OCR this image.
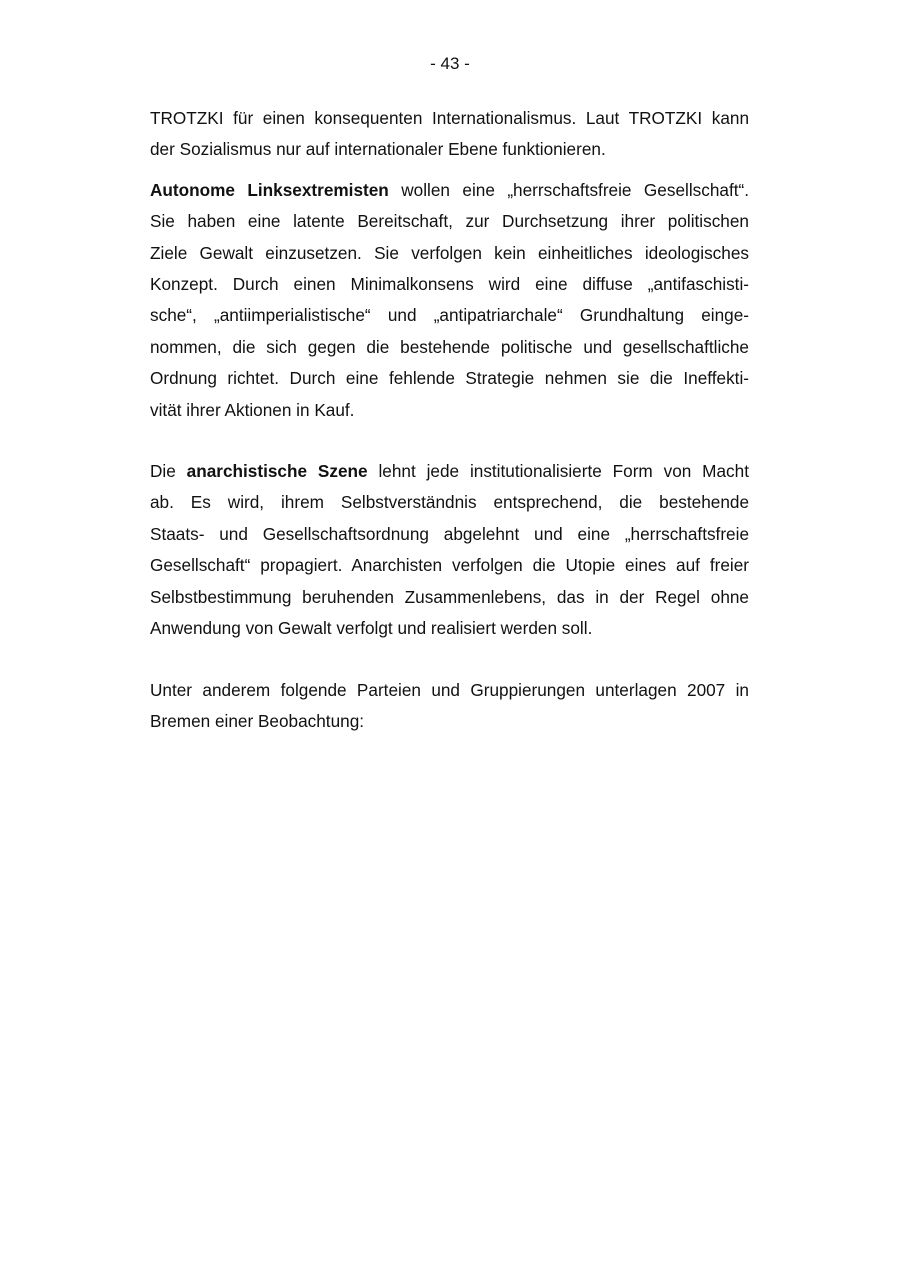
- 43 -

TROTZKI für einen konsequenten Internationalismus. Laut TROTZKI kann
der Sozialismus nur auf internationaler Ebene funktionieren.

Autonome Linksextremisten wollen eine „herrschaftsfreie Gesellschaft“.
Sie haben eine latente Bereitschaft, zur Durchsetzung ihrer politischen
Ziele Gewalt einzusetzen. Sie verfolgen kein einheitliches ideologisches
Konzept. Durch einen Minimalkonsens wird eine diffuse „antifaschisti-
sche“, „antiimperialistische“ und „antipatriarchale“ Grundhaltung einge-
nommen, die sich gegen die bestehende politische und gesellschaftliche
Ordnung richtet. Durch eine fehlende Strategie nehmen sie die Ineffekti-
vität ihrer Aktionen in Kauf.

Die anarchistische Szene lehnt jede institutionalisierte Form von Macht
ab. Es wird, ihrem Selbstverständnis entsprechend, die bestehende
Staats- und Gesellschaftsordnung abgelehnt und eine „herrschaftsfreie
Gesellschaft“ propagiert. Anarchisten verfolgen die Utopie eines auf freier
Selbstbestimmung beruhenden Zusammenlebens, das in der Regel ohne
Anwendung von Gewalt verfolgt und realisiert werden soll.

Unter anderem folgende Parteien und Gruppierungen unterlagen 2007 in
Bremen einer Beobachtung:
